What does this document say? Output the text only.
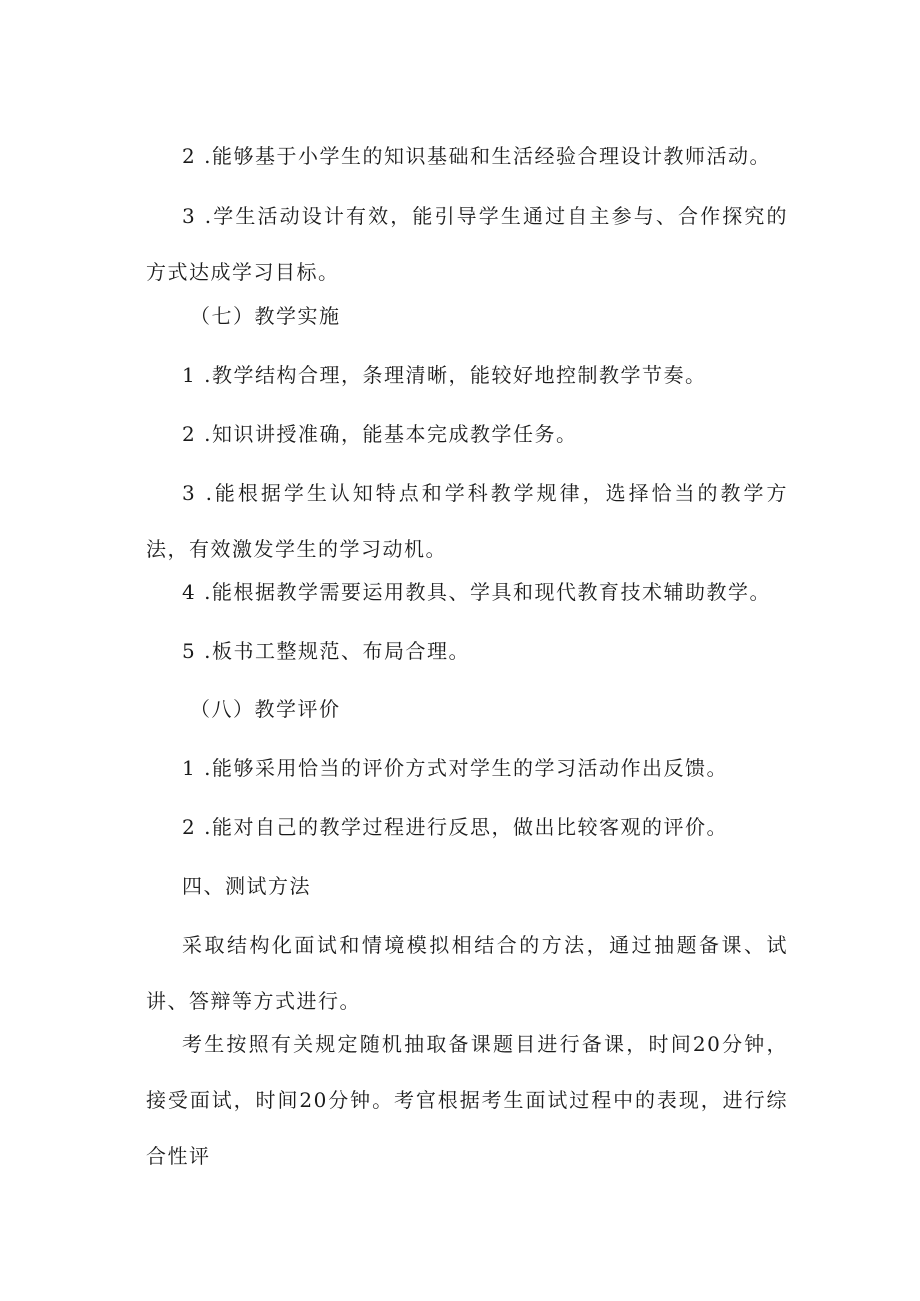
2 .能够基于小学生的知识基础和生活经验合理设计教师活动。

3 .学生活动设计有效，能引导学生通过自主参与、合作探究的方式达成学习目标。

（七）教学实施

1 .教学结构合理，条理清晰，能较好地控制教学节奏。

2 .知识讲授准确，能基本完成教学任务。

3 .能根据学生认知特点和学科教学规律，选择恰当的教学方法，有效激发学生的学习动机。

4 .能根据教学需要运用教具、学具和现代教育技术辅助教学。

5 .板书工整规范、布局合理。

（八）教学评价

1 .能够采用恰当的评价方式对学生的学习活动作出反馈。

2 .能对自己的教学过程进行反思，做出比较客观的评价。

四、测试方法

采取结构化面试和情境模拟相结合的方法，通过抽题备课、试讲、答辩等方式进行。

考生按照有关规定随机抽取备课题目进行备课，时间20分钟，接受面试，时间20分钟。考官根据考生面试过程中的表现，进行综合性评
